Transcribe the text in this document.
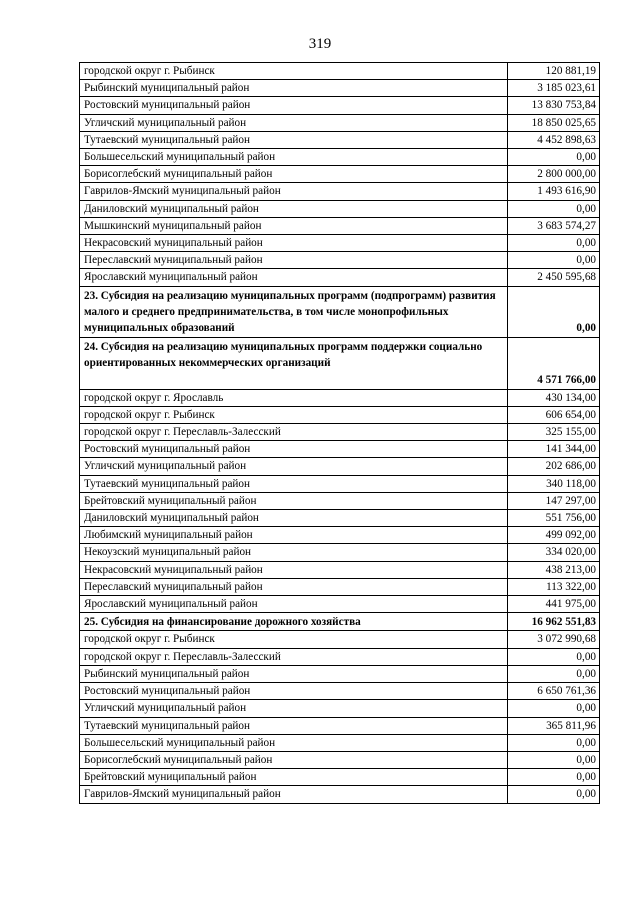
319
городской округ г. Рыбинск	120 881,19
Рыбинский муниципальный район	3 185 023,61
Ростовский муниципальный район	13 830 753,84
Угличский муниципальный район	18 850 025,65
Тутаевский муниципальный район	4 452 898,63
Большесельский муниципальный район	0,00
Борисоглебский муниципальный район	2 800 000,00
Гаврилов-Ямский муниципальный район	1 493 616,90
Даниловский муниципальный район	0,00
Мышкинский муниципальный район	3 683 574,27
Некрасовский муниципальный район	0,00
Переславский муниципальный район	0,00
Ярославский муниципальный район	2 450 595,68
23. Субсидия на реализацию муниципальных программ (подпрограмм) развития малого и среднего предпринимательства, в том числе монопрофильных муниципальных образований	0,00
24. Субсидия на реализацию муниципальных программ поддержки социально ориентированных некоммерческих организаций	4 571 766,00
городской округ г. Ярославль	430 134,00
городской округ г. Рыбинск	606 654,00
городской округ г. Переславль-Залесский	325 155,00
Ростовский муниципальный район	141 344,00
Угличский муниципальный район	202 686,00
Тутаевский муниципальный район	340 118,00
Брейтовский муниципальный район	147 297,00
Даниловский муниципальный район	551 756,00
Любимский муниципальный район	499 092,00
Некоузский муниципальный район	334 020,00
Некрасовский муниципальный район	438 213,00
Переславский муниципальный район	113 322,00
Ярославский муниципальный район	441 975,00
25. Субсидия на финансирование дорожного хозяйства	16 962 551,83
городской округ г. Рыбинск	3 072 990,68
городской округ г. Переславль-Залесский	0,00
Рыбинский муниципальный район	0,00
Ростовский муниципальный район	6 650 761,36
Угличский муниципальный район	0,00
Тутаевский муниципальный район	365 811,96
Большесельский муниципальный район	0,00
Борисоглебский муниципальный район	0,00
Брейтовский муниципальный район	0,00
Гаврилов-Ямский муниципальный район	0,00
